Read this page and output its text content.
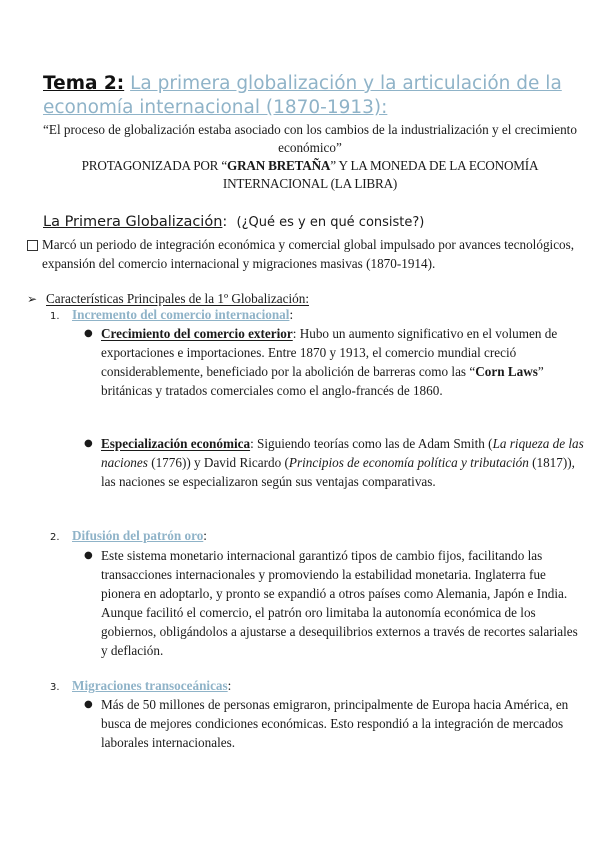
Tema 2: La primera globalización y la articulación de la economía internacional (1870-1913):
“El proceso de globalización estaba asociado con los cambios de la industrialización y el crecimiento económico”
PROTAGONIZADA POR “GRAN BRETAÑA” Y LA MONEDA DE LA ECONOMÍA INTERNACIONAL (LA LIBRA)
La Primera Globalización: (¿Qué es y en qué consiste?)
Marcó un periodo de integración económica y comercial global impulsado por avances tecnológicos, expansión del comercio internacional y migraciones masivas (1870-1914).
➢ Características Principales de la 1º Globalización:
1. Incremento del comercio internacional:
● Crecimiento del comercio exterior: Hubo un aumento significativo en el volumen de exportaciones e importaciones. Entre 1870 y 1913, el comercio mundial creció considerablemente, beneficiado por la abolición de barreras como las “Corn Laws” británicas y tratados comerciales como el anglo-francés de 1860.
● Especialización económica: Siguiendo teorías como las de Adam Smith (La riqueza de las naciones (1776)) y David Ricardo (Principios de economía política y tributación (1817)), las naciones se especializaron según sus ventajas comparativas.
2. Difusión del patrón oro:
● Este sistema monetario internacional garantizó tipos de cambio fijos, facilitando las transacciones internacionales y promoviendo la estabilidad monetaria. Inglaterra fue pionera en adoptarlo, y pronto se expandió a otros países como Alemania, Japón e India. Aunque facilitó el comercio, el patrón oro limitaba la autonomía económica de los gobiernos, obligándolos a ajustarse a desequilibrios externos a través de recortes salariales y deflación.
3. Migraciones transoceánicas:
● Más de 50 millones de personas emigraron, principalmente de Europa hacia América, en busca de mejores condiciones económicas. Esto respondió a la integración de mercados laborales internacionales.
